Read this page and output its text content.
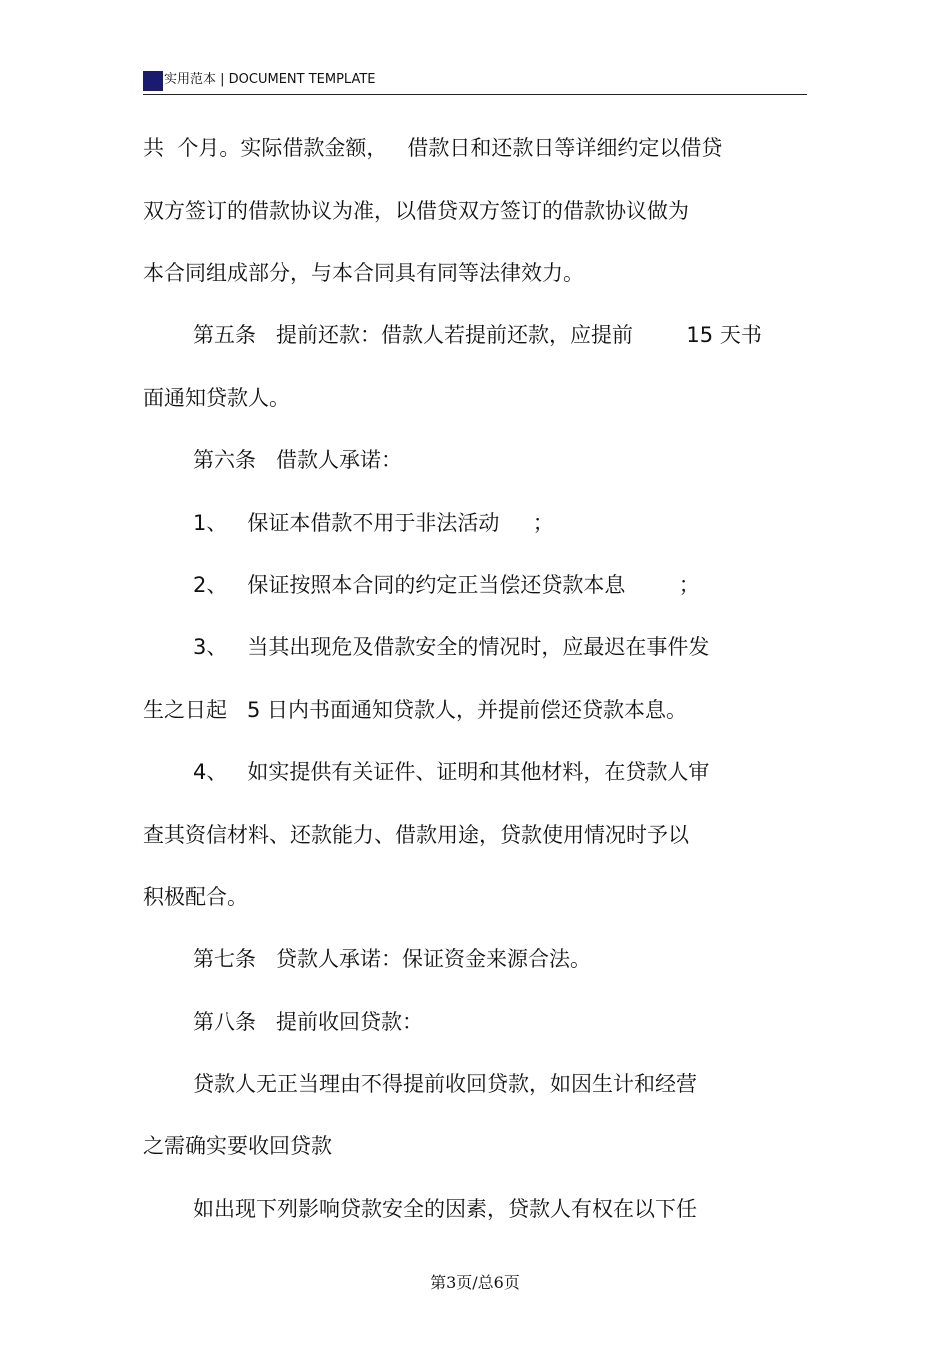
实用范本 | DOCUMENT TEMPLATE
共  个月。实际借款金额，   借款日和还款日等详细约定以借贷
双方签订的借款协议为准，以借贷双方签订的借款协议做为
本合同组成部分，与本合同具有同等法律效力。
第五条   提前还款：借款人若提前还款，应提前        15 天书
面通知贷款人。
第六条   借款人承诺：
1、   保证本借款不用于非法活动     ；
2、   保证按照本合同的约定正当偿还贷款本息        ；
3、   当其出现危及借款安全的情况时，应最迟在事件发
生之日起   5 日内书面通知贷款人，并提前偿还贷款本息。
4、   如实提供有关证件、证明和其他材料，在贷款人审
查其资信材料、还款能力、借款用途，贷款使用情况时予以
积极配合。
第七条   贷款人承诺：保证资金来源合法。
第八条   提前收回贷款：
贷款人无正当理由不得提前收回贷款，如因生计和经营
之需确实要收回贷款
如出现下列影响贷款安全的因素，贷款人有权在以下任
第3页/总6页
